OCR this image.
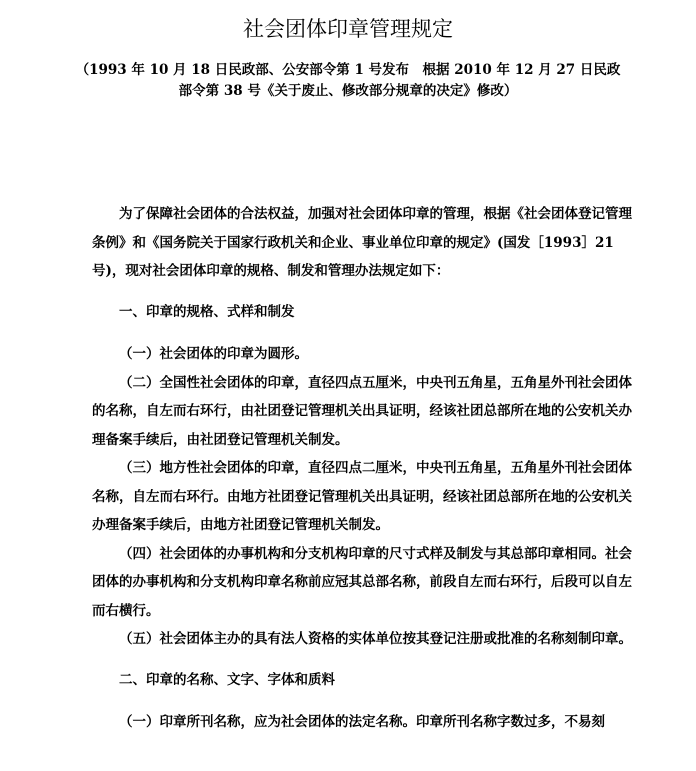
社会团体印章管理规定
（1993 年 10 月 18 日民政部、公安部令第 1 号发布　根据 2010 年 12 月 27 日民政
部令第 38 号《关于废止、修改部分规章的决定》修改）

为了保障社会团体的合法权益，加强对社会团体印章的管理，根据《社会团体登记管理条例》和《国务院关于国家行政机关和企业、事业单位印章的规定》(国发［1993］21 号)，现对社会团体印章的规格、制发和管理办法规定如下：

一、印章的规格、式样和制发

（一）社会团体的印章为圆形。

（二）全国性社会团体的印章，直径四点五厘米，中央刊五角星，五角星外刊社会团体的名称，自左而右环行，由社团登记管理机关出具证明，经该社团总部所在地的公安机关办理备案手续后，由社团登记管理机关制发。

（三）地方性社会团体的印章，直径四点二厘米，中央刊五角星，五角星外刊社会团体名称，自左而右环行。由地方社团登记管理机关出具证明，经该社团总部所在地的公安机关办理备案手续后，由地方社团登记管理机关制发。

（四）社会团体的办事机构和分支机构印章的尺寸式样及制发与其总部印章相同。社会团体的办事机构和分支机构印章名称前应冠其总部名称，前段自左而右环行，后段可以自左而右横行。

（五）社会团体主办的具有法人资格的实体单位按其登记注册或批准的名称刻制印章。

二、印章的名称、文字、字体和质料

（一）印章所刊名称，应为社会团体的法定名称。印章所刊名称字数过多，不易刻
